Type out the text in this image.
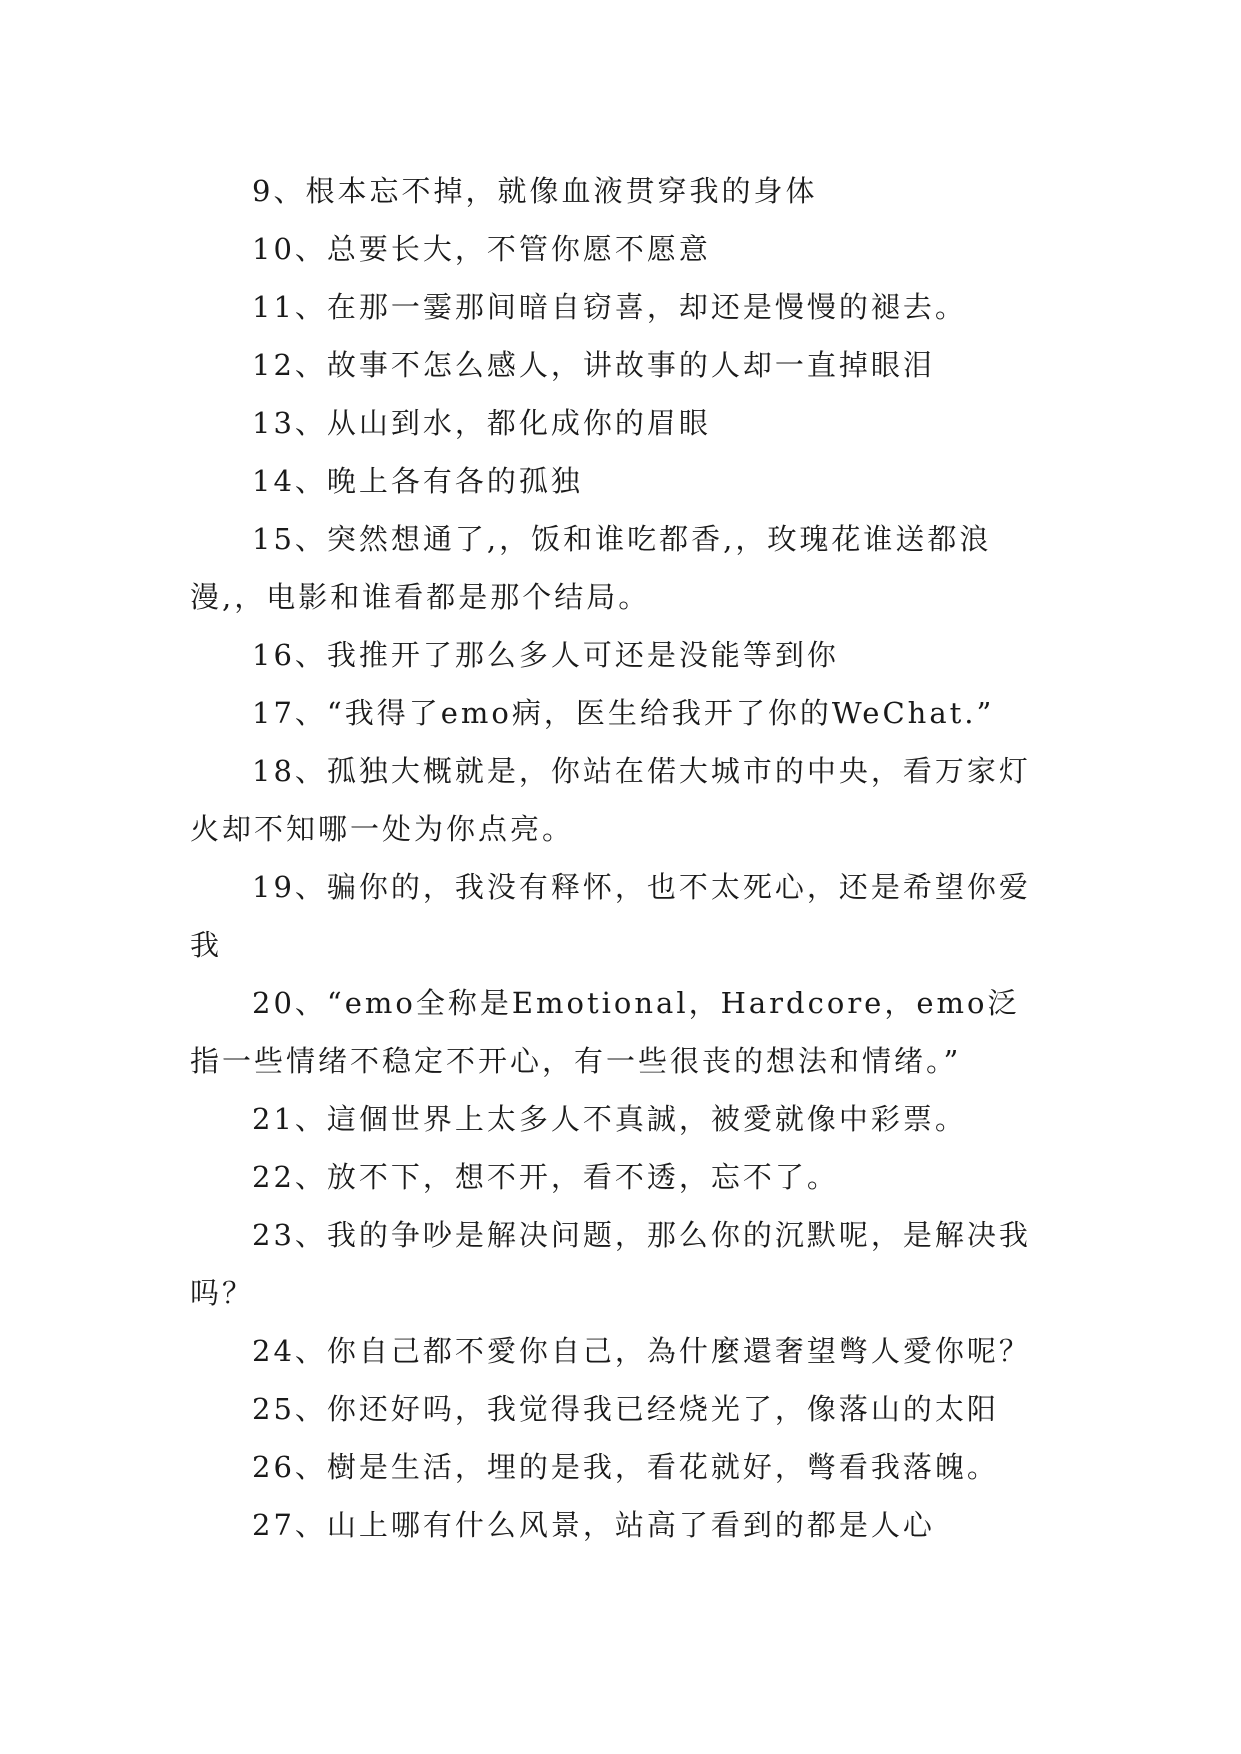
9、根本忘不掉，就像血液贯穿我的身体

10、总要长大，不管你愿不愿意

11、在那一霎那间暗自窃喜，却还是慢慢的褪去。

12、故事不怎么感人，讲故事的人却一直掉眼泪

13、从山到水，都化成你的眉眼

14、晚上各有各的孤独

15、突然想通了,，饭和谁吃都香,，玫瑰花谁送都浪漫,，电影和谁看都是那个结局。

16、我推开了那么多人可还是没能等到你

17、“我得了emo病，医生给我开了你的WeChat.”

18、孤独大概就是，你站在偌大城市的中央，看万家灯火却不知哪一处为你点亮。

19、骗你的，我没有释怀，也不太死心，还是希望你爱我

20、“emo全称是Emotional，Hardcore，emo泛指一些情绪不稳定不开心，有一些很丧的想法和情绪。”

21、這個世界上太多人不真誠，被愛就像中彩票。

22、放不下，想不开，看不透，忘不了。

23、我的争吵是解决问题，那么你的沉默呢，是解决我吗？

24、你自己都不愛你自己，為什麼還奢望彆人愛你呢？

25、你还好吗，我觉得我已经烧光了，像落山的太阳

26、樹是生活，埋的是我，看花就好，彆看我落魄。

27、山上哪有什么风景，站高了看到的都是人心
